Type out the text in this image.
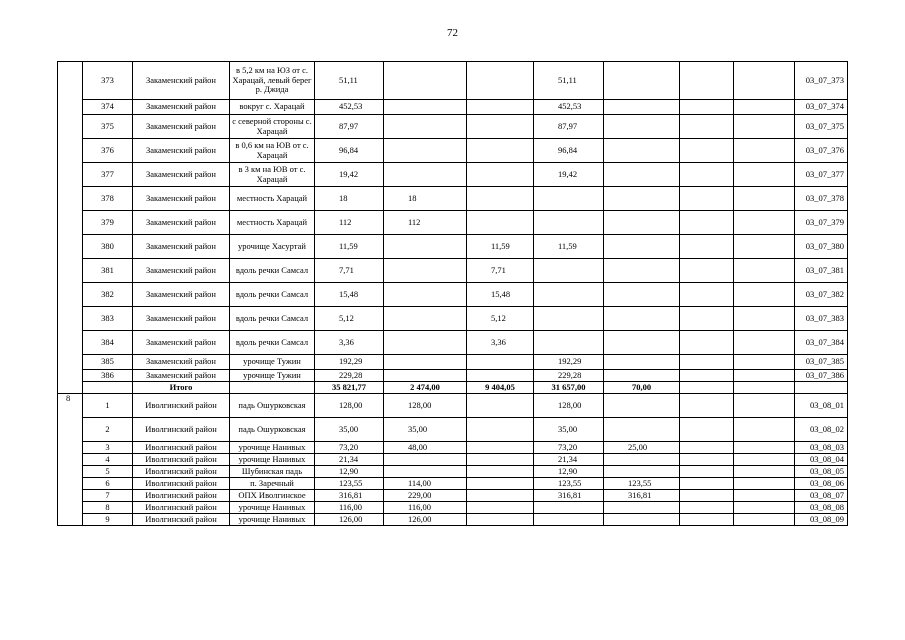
72
	373	Закаменский район	в 5,2 км на ЮЗ от с. Харацай, левый берег р. Джида	51,11			51,11				03_07_373
	374	Закаменский район	вокруг с. Харацай	452,53			452,53				03_07_374
	375	Закаменский район	с северной стороны с. Харацай	87,97			87,97				03_07_375
	376	Закаменский район	в 0,6 км на ЮВ от с. Харацай	96,84			96,84				03_07_376
	377	Закаменский район	в 3 км на ЮВ от с. Харацай	19,42			19,42				03_07_377
	378	Закаменский район	местность Харацай	18	18						03_07_378
	379	Закаменский район	местность Харацай	112	112						03_07_379
	380	Закаменский район	урочище Хасуртай	11,59		11,59	11,59				03_07_380
	381	Закаменский район	вдоль речки Самсал	7,71		7,71					03_07_381
	382	Закаменский район	вдоль речки Самсал	15,48		15,48					03_07_382
	383	Закаменский район	вдоль речки Самсал	5,12		5,12					03_07_383
	384	Закаменский район	вдоль речки Самсал	3,36		3,36					03_07_384
	385	Закаменский район	урочище Тужин	192,29			192,29				03_07_385
	386	Закаменский район	урочище Тужин	229,28			229,28				03_07_386
		Итого		35 821,77	2 474,00	9 404,05	31 657,00	70,00			
8	1	Иволгинский район	падь Ошурковская	128,00	128,00		128,00				03_08_01
	2	Иволгинский район	падь Ошурковская	35,00	35,00		35,00				03_08_02
	3	Иволгинский район	урочище Нанивых	73,20	48,00		73,20	25,00			03_08_03
	4	Иволгинский район	урочище Нанивых	21,34			21,34				03_08_04
	5	Иволгинский район	Шубинская падь	12,90			12,90				03_08_05
	6	Иволгинский район	п. Заречный	123,55	114,00		123,55	123,55			03_08_06
	7	Иволгинский район	ОПХ Иволгинское	316,81	229,00		316,81	316,81			03_08_07
	8	Иволгинский район	урочище Нанивых	116,00	116,00						03_08_08
	9	Иволгинский район	урочище Нанивых	126,00	126,00						03_08_09
